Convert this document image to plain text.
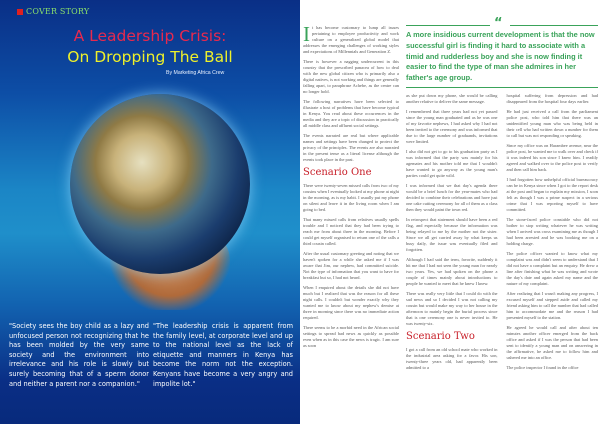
COVER STORY
A Leadership Crisis:
On Dropping The Ball
By Marketing Africa Crew
"Society sees the boy child as a lazy and unfocused person not recognizing that he has been molded by the very same society and the environment into irrelevance and his role is slowly but surely becoming that of a sperm donor and neither a parent nor a companion."
"The leadership crisis is apparent from the family level, at corporate level and up to the national level as the lack of etiquette and manners in Kenya has become the norm not the exception. Kenyans have become a very angry and impolite lot."

It has become customary to lump all issues pertaining to employee productivity and work culture on a generalized global model that addresses the emerging challenges of working styles and expectations of Millennials and Generation Z.

There is however a nagging undercurrent in this country that the prescribed panacea of how to deal with the new global citizen who is primarily also a digital natives, is not working and things are generally falling apart, to paraphrase Achebe, as the centre can no longer hold.

The following narratives have been selected to illustrate a host of problems that have become typical in Kenya. You read about these occurrences in the media and they are a topic of discussion in practically all middle class and affluent social settings.

The events narrated are real but where applicable names and settings have been changed to protect the privacy of the principles. The events are also narrated in the present tense as a literal license although the events took place in the past.

Scenario One

There were twenty-seven missed calls from two of my cousins when I eventually looked at my phone at night in the morning, as is my habit. I usually put my phone on silent and leave it in the living room when I am going to bed.

That many missed calls from relatives usually spells trouble and I noticed that they had been trying to reach me from about three in the morning. Before I could get myself organised to return one of the calls a third cousin called.

After the usual customary greeting and noting that we haven't spoken for a while she asked me if I was aware that Jim, our nephew, had committed suicide. Not the type of information that you want to have for breakfast but so, I had not heard.

When I enquired about the details she did not have much but I realized that was the reason for all these night calls. I couldn't but wonder exactly why they wanted me to know about my nephew's demise at three in morning since there was no immediate action required.

There seems to be a morbid need in the African social settings to spread bad news as quickly as possible even when as in this case the news is tragic. I am sure as soon

“
A more insidious current development is that the now successful girl is finding it hard to associate with a timid and rudderless boy and she is now finding it easier to find the type of man she admires in her father's age group.

as she put down my phone, she would be calling another relative to deliver the same message.

I remembered that three years had not yet passed since the young man graduated and as he was one of my favorite nephews, I had asked why I had not been invited to the ceremony and was informed that due to the large number of graduands, invitations were limited.

I also did not get to go to his graduation party as I was informed that the party was mainly for his agemates and his mother told me that I wouldn't have wanted to go anyway as the young man's parties could get quite wild.

I was informed that we that day's agenda there would be a brief lunch for the year-mates who had decided to combine their celebrations and have just one cake cutting ceremony for all of them as a class then they would paint the town red.

In retrospect that statement should have been a red flag, and especially because the information was being relayed to me by the mother not the sister. Since we all get carried away by what keeps us busy daily, the issue was eventually filed and forgotten.

Although I had said the term, favorite, suddenly it hit me that I had not seen the young man for nearly two years. Yes, we had spoken on the phone a couple of times mainly about introductions to people he wanted to meet that he knew I knew.

There was really very little that I could do with the sad news and so I decided I was not calling my cousin but would make my way to her house in the afternoon to mainly begin the burial process since that is one ceremony one is never invited to. He was twenty-six.

Scenario Two

I got a call from an old school mate who worked in the industrial area asking for a favor. His son, twenty-three years old, had apparently been admitted to a

hospital suffering from depression and had disappeared from the hospital four days earlier.

He had just received a call from the parliament police post, who told him that there was an unidentified young man who was being held in their cell who had written down a number for them to call but was not responding or speaking.

Since my office was on Harambee avenue, near the police post, he wanted me to walk over and check if it was indeed his son since I knew him. I readily agreed and walked over to the police post to verify and then call him back.

I had forgotten how unhelpful official bureaucracy can be in Kenya since when I got to the report desk at the post and began to explain my mission, I soon felt as though I was a prime suspect in a serious crime that I was reporting myself to have committed.

The stone-faced police constable who did not bother to stop writing whatever he was writing when I arrived was cross examining me as though I had been arrested and he was booking me on a holding charge.

The police officer wanted to know what my complaint was and didn't seem to understand that I did not have a complaint but an enquiry. He drew a line after finishing what he was writing and wrote the day's date and again asked my name and the nature of my complaint.

After realizing that I wasn't making any progress, I excused myself and stepped aside and called my friend asking him to call the number that had called him to accommodate me and the reason I had presented myself to the station.

He agreed he would call and after about ten minutes another officer emerged from the back office and asked if I was the person that had been sent to identify a young man and on answering in the affirmative, he asked me to follow him and ushered me into an office.

The police inspector I found in the office
